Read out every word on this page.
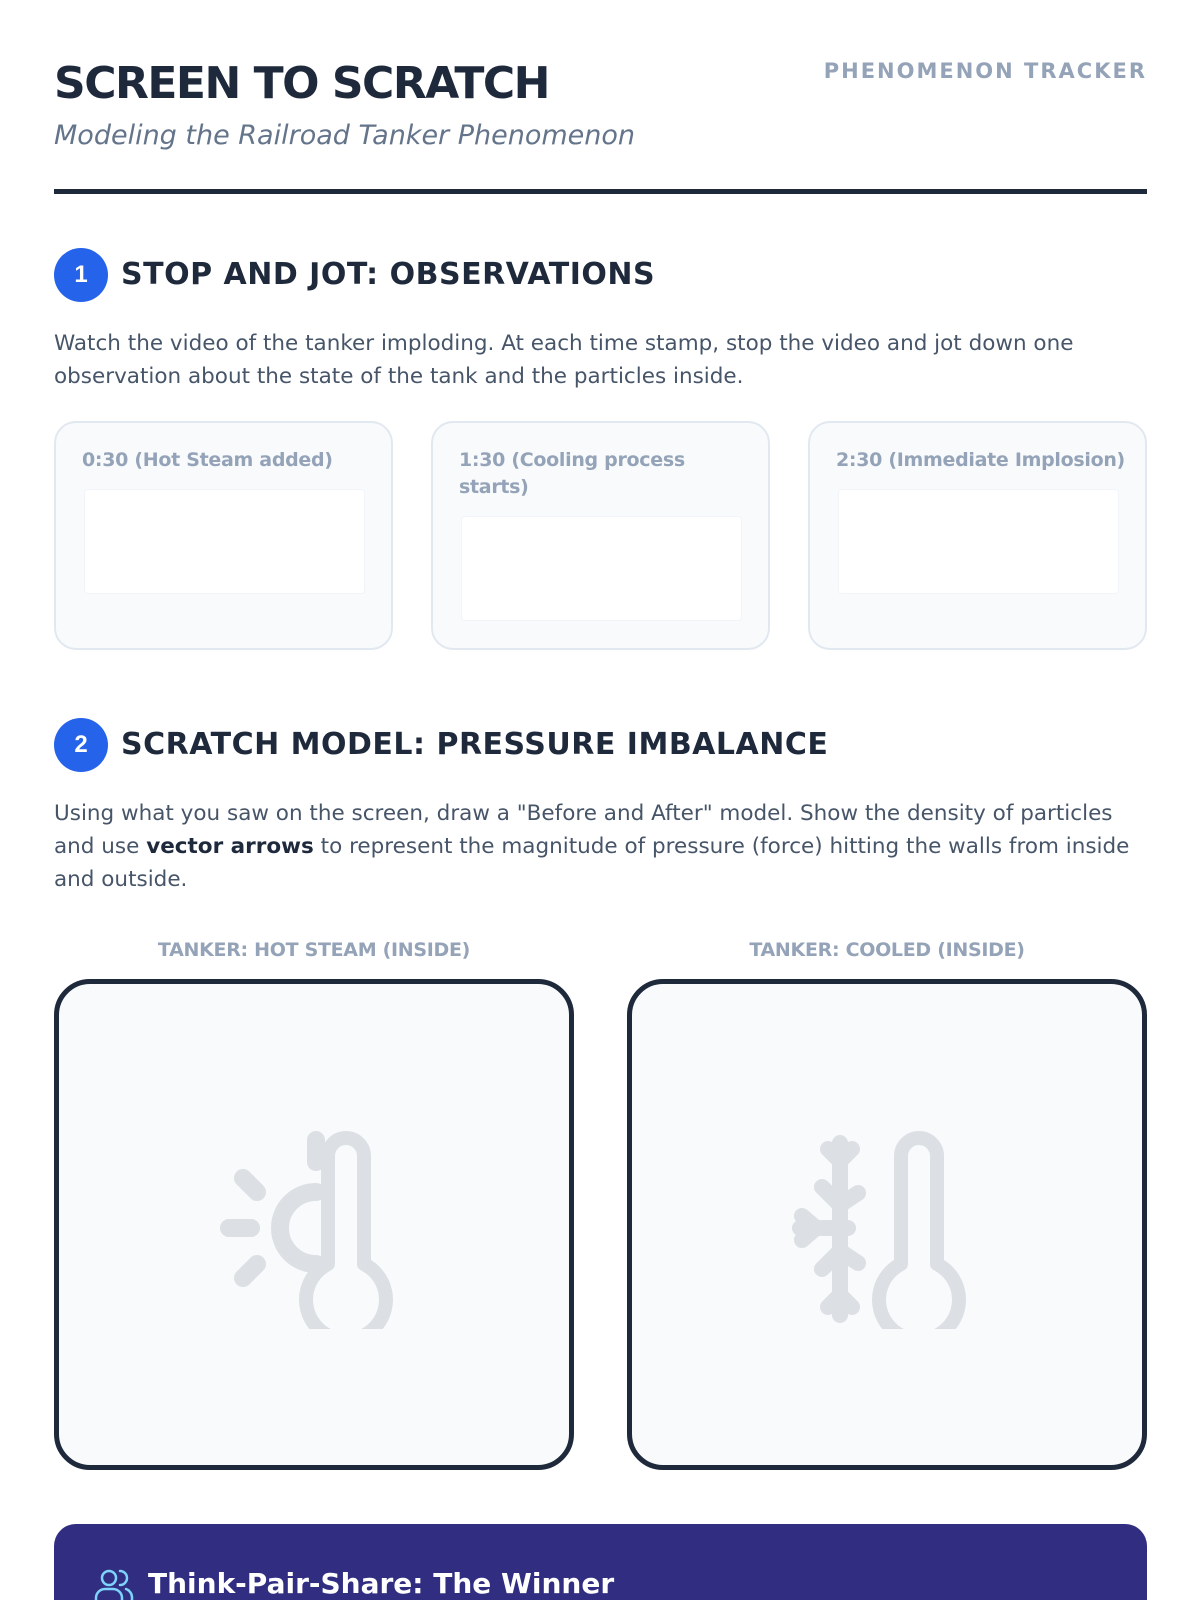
SCREEN TO SCRATCH
Modeling the Railroad Tanker Phenomenon
PHENOMENON TRACKER
1	STOP AND JOT: OBSERVATIONS
Watch the video of the tanker imploding. At each time stamp, stop the video and jot down one observation about the state of the tank and the particles inside.
0:30 (Hot Steam added)	1:30 (Cooling process starts)
2:30 (Immediate Implosion)
2	SCRATCH MODEL: PRESSURE IMBALANCE
Using what you saw on the screen, draw a "Before and After" model. Show the density of particles and use vector arrows to represent the magnitude of pressure (force) hitting the walls from inside and outside.
TANKER: HOT STEAM (INSIDE)	TANKER: COOLED (INSIDE)
Think-Pair-Share: The Winner
